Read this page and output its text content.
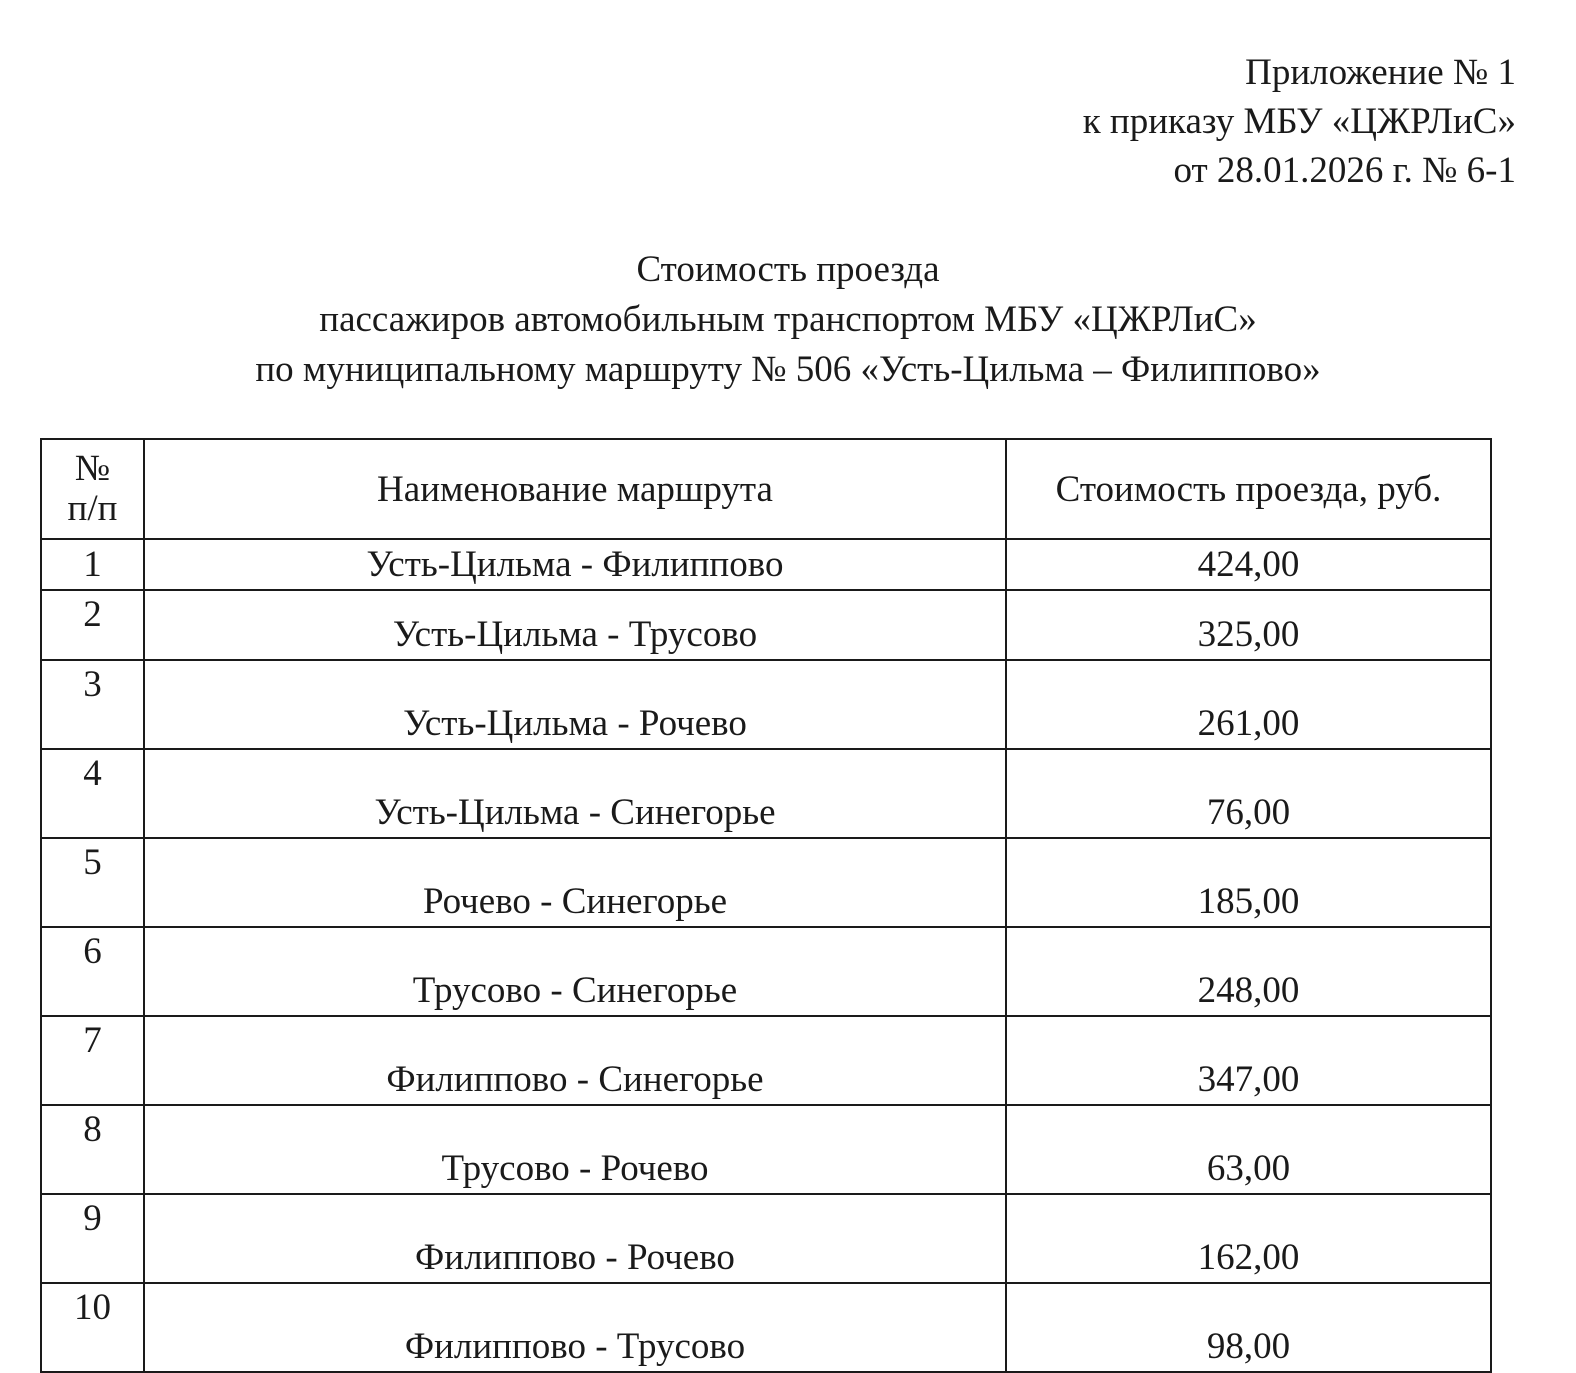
Приложение № 1
к приказу МБУ «ЦЖРЛиС»
от 28.01.2026 г. № 6-1
Стоимость проезда
пассажиров автомобильным транспортом МБУ «ЦЖРЛиС»
по муниципальному маршруту № 506 «Усть-Цильма – Филиппово»
№
п/п	Наименование маршрута	Стоимость проезда, руб.
1	Усть-Цильма - Филиппово	424,00
2	Усть-Цильма - Трусово	325,00
3	Усть-Цильма - Рочево	261,00
4	Усть-Цильма - Синегорье	76,00
5	Рочево - Синегорье	185,00
6	Трусово - Синегорье	248,00
7	Филиппово - Синегорье	347,00
8	Трусово - Рочево	63,00
9	Филиппово - Рочево	162,00
10	Филиппово - Трусово	98,00
